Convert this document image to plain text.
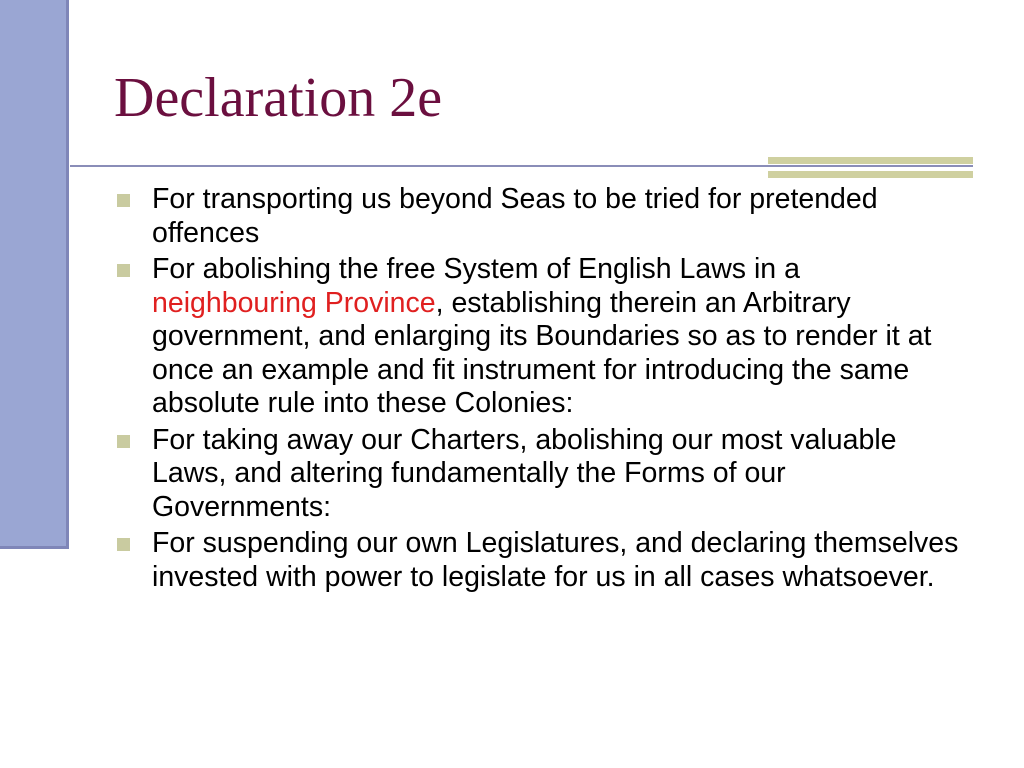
Declaration 2e
For transporting us beyond Seas to be tried for pretended offences
For abolishing the free System of English Laws in a neighbouring Province, establishing therein an Arbitrary government, and enlarging its Boundaries so as to render it at once an example and fit instrument for introducing the same absolute rule into these Colonies:
For taking away our Charters, abolishing our most valuable Laws, and altering fundamentally the Forms of our Governments:
For suspending our own Legislatures, and declaring themselves invested with power to legislate for us in all cases whatsoever.
